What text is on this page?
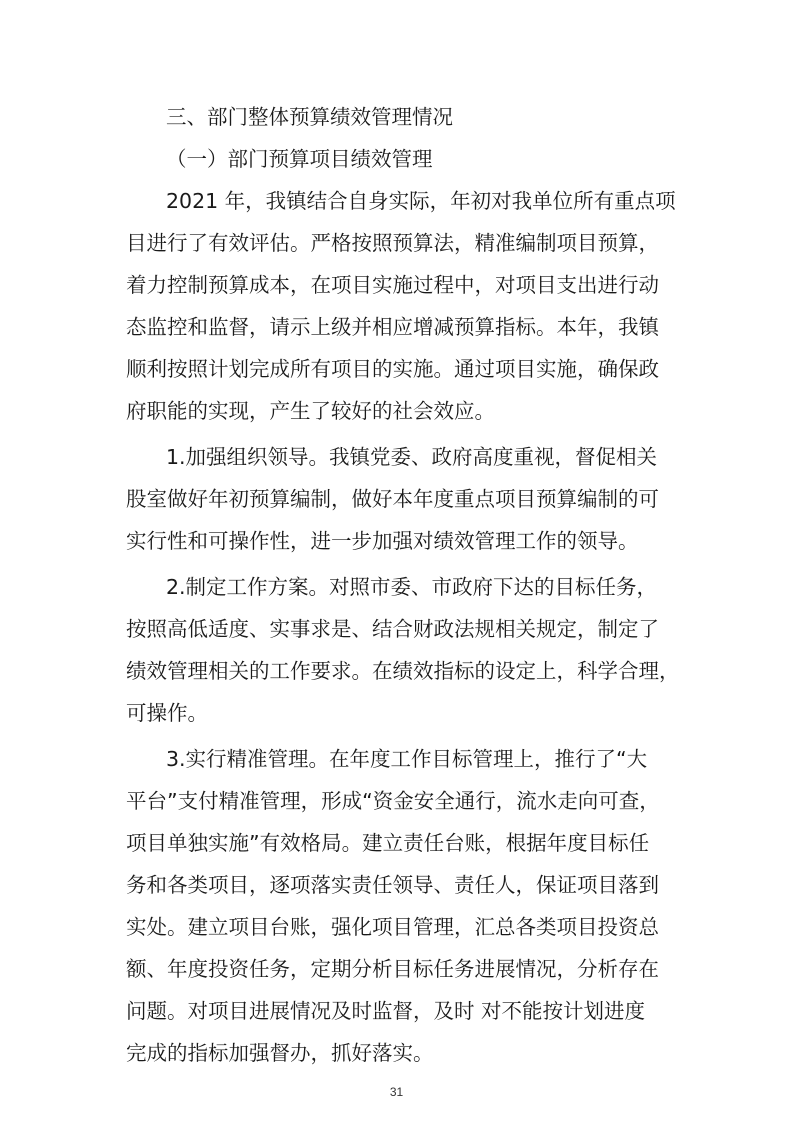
三、部门整体预算绩效管理情况

（一）部门预算项目绩效管理

2021 年，我镇结合自身实际，年初对我单位所有重点项

目进行了有效评估。严格按照预算法，精准编制项目预算，

着力控制预算成本，在项目实施过程中，对项目支出进行动

态监控和监督，请示上级并相应增减预算指标。本年，我镇

顺利按照计划完成所有项目的实施。通过项目实施，确保政

府职能的实现，产生了较好的社会效应。

1.加强组织领导。我镇党委、政府高度重视，督促相关

股室做好年初预算编制，做好本年度重点项目预算编制的可

实行性和可操作性，进一步加强对绩效管理工作的领导。

2.制定工作方案。对照市委、市政府下达的目标任务，

按照高低适度、实事求是、结合财政法规相关规定，制定了

绩效管理相关的工作要求。在绩效指标的设定上，科学合理，

可操作。

3.实行精准管理。在年度工作目标管理上，推行了“大

平台”支付精准管理，形成“资金安全通行，流水走向可查，

项目单独实施”有效格局。建立责任台账，根据年度目标任

务和各类项目，逐项落实责任领导、责任人，保证项目落到

实处。建立项目台账，强化项目管理，汇总各类项目投资总

额、年度投资任务，定期分析目标任务进展情况，分析存在

问题。对项目进展情况及时监督，及时 对不能按计划进度

完成的指标加强督办，抓好落实。

31
